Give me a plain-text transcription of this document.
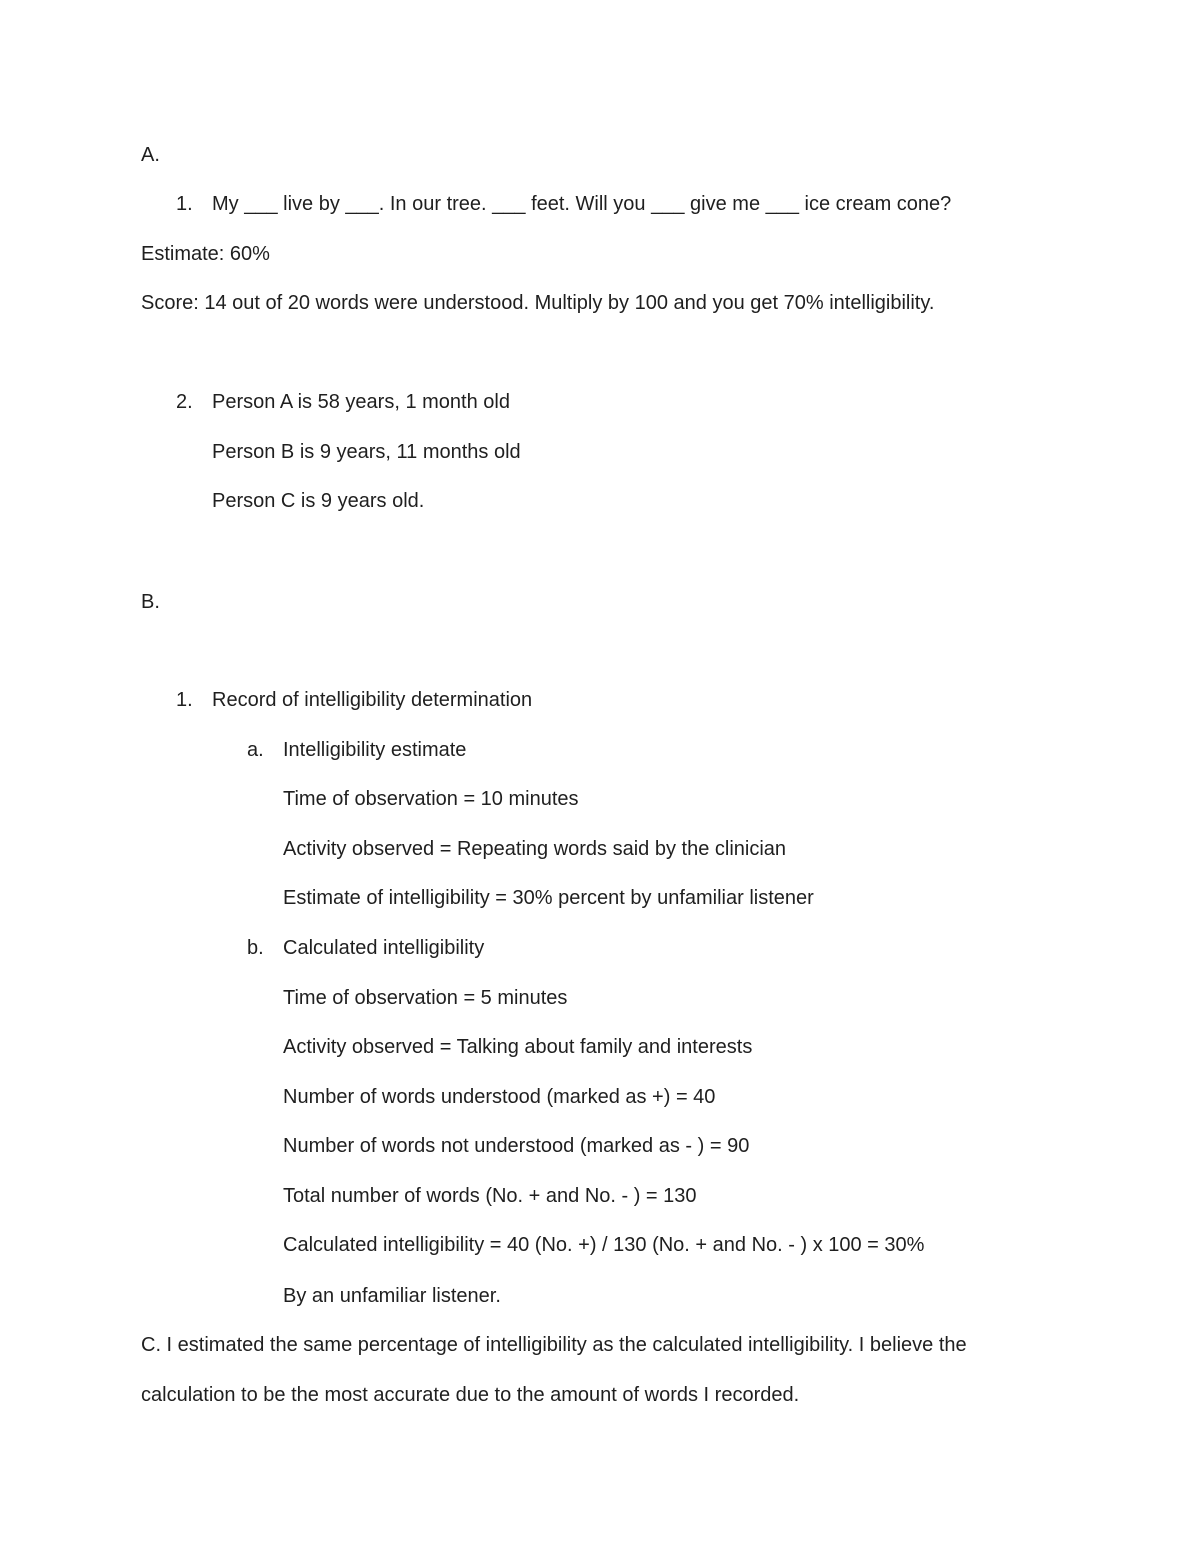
A.
1. My ___ live by ___. In our tree. ___ feet. Will you ___ give me ___ ice cream cone?
Estimate: 60%
Score: 14 out of 20 words were understood. Multiply by 100 and you get 70% intelligibility.
2. Person A is 58 years, 1 month old
Person B is 9 years, 11 months old
Person C is 9 years old.
B.
1. Record of intelligibility determination
a. Intelligibility estimate
Time of observation = 10 minutes
Activity observed = Repeating words said by the clinician
Estimate of intelligibility = 30% percent by unfamiliar listener
b. Calculated intelligibility
Time of observation = 5 minutes
Activity observed = Talking about family and interests
Number of words understood (marked as +) = 40
Number of words not understood (marked as - ) = 90
Total number of words (No. + and No. - ) = 130
Calculated intelligibility = 40 (No. +) / 130 (No. + and No. - ) x 100 = 30%
By an unfamiliar listener.
C. I estimated the same percentage of intelligibility as the calculated intelligibility. I believe the
calculation to be the most accurate due to the amount of words I recorded.
